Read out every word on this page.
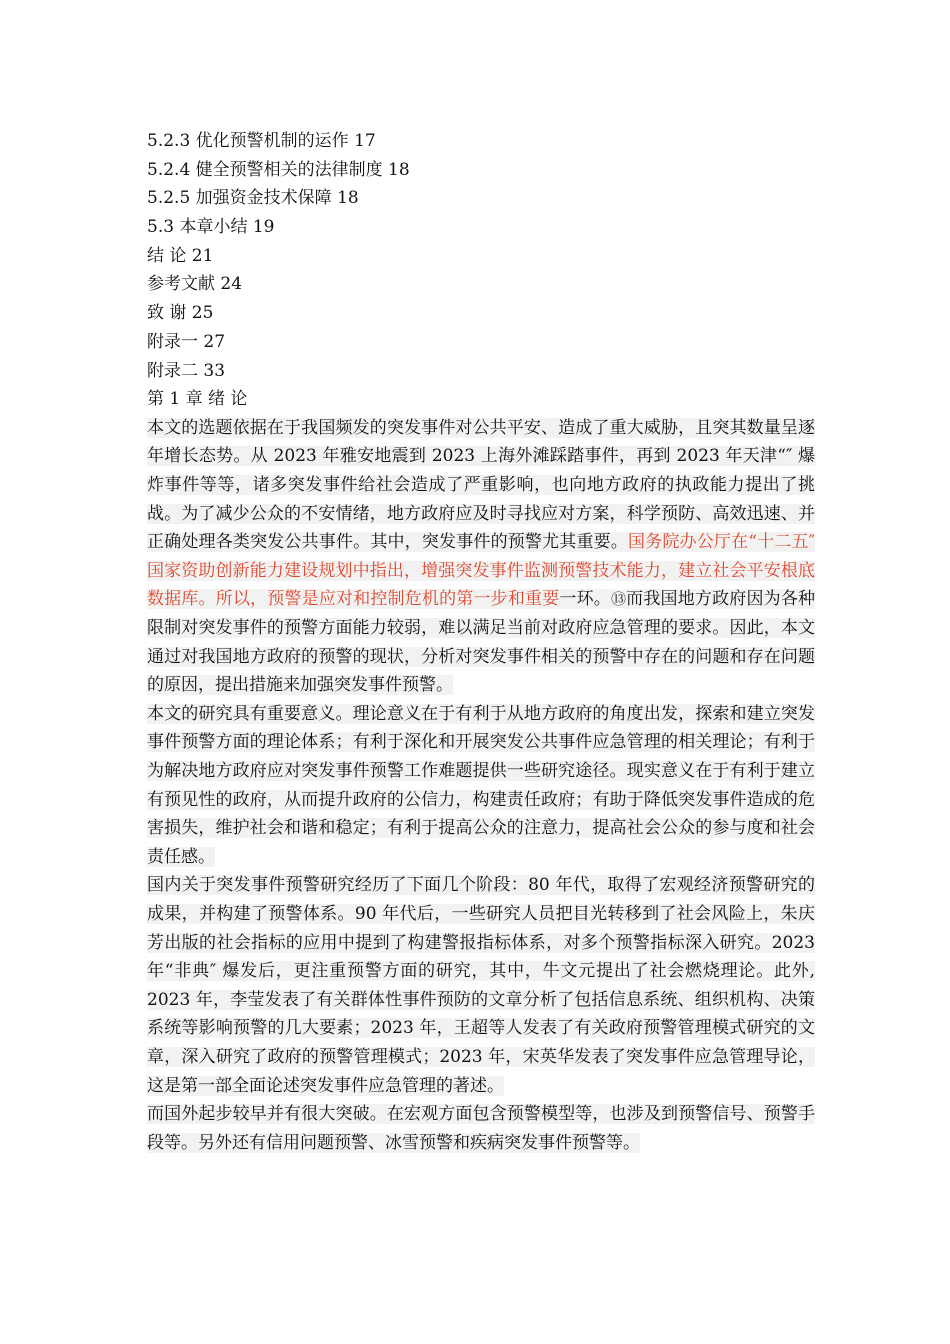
5.2.3 优化预警机制的运作 17
5.2.4 健全预警相关的法律制度 18
5.2.5 加强资金技术保障 18
5.3 本章小结 19
结 论 21
参考文献 24
致 谢 25
附录一 27
附录二 33
第 1 章 绪 论

本文的选题依据在于我国频发的突发事件对公共平安、造成了重大威胁，且突其数量呈逐年增长态势。从 2023 年雅安地震到 2023 上海外滩踩踏事件，再到 2023 年天津“″ 爆炸事件等等，诸多突发事件给社会造成了严重影响，也向地方政府的执政能力提出了挑战。为了减少公众的不安情绪，地方政府应及时寻找应对方案，科学预防、高效迅速、并正确处理各类突发公共事件。其中，突发事件的预警尤其重要。国务院办公厅在“十二五″ 国家资助创新能力建设规划中指出，增强突发事件监测预警技术能力，建立社会平安根底数据库。所以，预警是应对和控制危机的第一步和重要一环。⑬而我国地方政府因为各种限制对突发事件的预警方面能力较弱，难以满足当前对政府应急管理的要求。因此，本文通过对我国地方政府的预警的现状，分析对突发事件相关的预警中存在的问题和存在问题的原因，提出措施来加强突发事件预警。

本文的研究具有重要意义。理论意义在于有利于从地方政府的角度出发，探索和建立突发事件预警方面的理论体系；有利于深化和开展突发公共事件应急管理的相关理论；有利于为解决地方政府应对突发事件预警工作难题提供一些研究途径。现实意义在于有利于建立有预见性的政府，从而提升政府的公信力，构建责任政府；有助于降低突发事件造成的危害损失，维护社会和谐和稳定；有利于提高公众的注意力，提高社会公众的参与度和社会责任感。

国内关于突发事件预警研究经历了下面几个阶段：80 年代，取得了宏观经济预警研究的成果，并构建了预警体系。90 年代后，一些研究人员把目光转移到了社会风险上，朱庆芳出版的社会指标的应用中提到了构建警报指标体系，对多个预警指标深入研究。2023 年“非典″ 爆发后，更注重预警方面的研究，其中，牛文元提出了社会燃烧理论。此外, 2023 年，李莹发表了有关群体性事件预防的文章分析了包括信息系统、组织机构、决策系统等影响预警的几大要素；2023 年，王超等人发表了有关政府预警管理模式研究的文章，深入研究了政府的预警管理模式；2023 年，宋英华发表了突发事件应急管理导论，这是第一部全面论述突发事件应急管理的著述。

而国外起步较早并有很大突破。在宏观方面包含预警模型等，也涉及到预警信号、预警手段等。另外还有信用问题预警、冰雪预警和疾病突发事件预警等。
